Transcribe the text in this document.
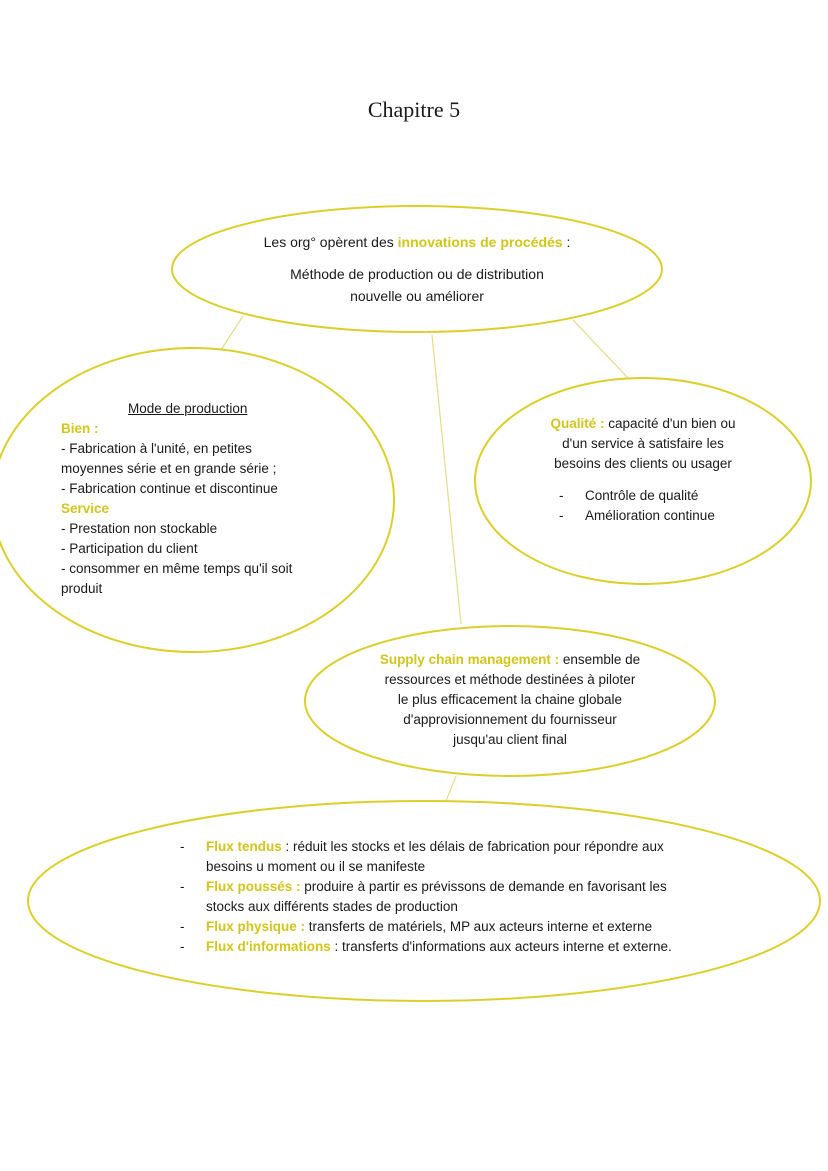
Chapitre 5
Les org° opèrent des innovations de procédés :
Méthode de production ou de distribution
nouvelle ou améliorer
Mode de production
Bien :
- Fabrication à l'unité, en petites
moyennes série et en grande série ;
- Fabrication continue et discontinue
Service
- Prestation non stockable
- Participation du client
- consommer en même temps qu'il soit
produit
Qualité : capacité d'un bien ou
d'un service à satisfaire les
besoins des clients ou usager
-	Contrôle de qualité
-	Amélioration continue
Supply chain management : ensemble de
ressources et méthode destinées à piloter
le plus efficacement la chaine globale
d'approvisionnement du fournisseur
jusqu'au client final
-	Flux tendus : réduit les stocks et les délais de fabrication pour répondre aux
besoins u moment ou il se manifeste
-	Flux poussés : produire à partir es prévissons de demande en favorisant les
stocks aux différents stades de production
-	Flux physique : transferts de matériels, MP aux acteurs interne et externe
-	Flux d'informations : transferts d'informations aux acteurs interne et externe.
